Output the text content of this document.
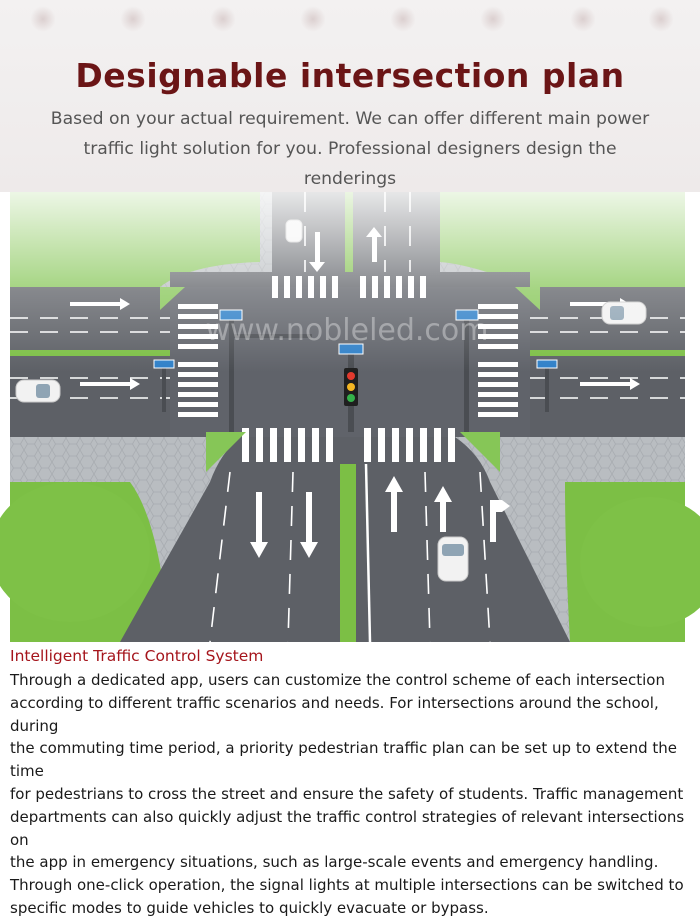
Designable intersection plan
Based on your actual requirement. We can offer different main power
traffic light solution for you. Professional designers design the renderings
www.nobleled.com
Intelligent Traffic Control System
Through a dedicated app, users can customize the control scheme of each intersection
according to different traffic scenarios and needs. For intersections around the school, during
the commuting time period, a priority pedestrian traffic plan can be set up to extend the time
for pedestrians to cross the street and ensure the safety of students. Traffic management
departments can also quickly adjust the traffic control strategies of relevant intersections on
the app in emergency situations, such as large-scale events and emergency handling.
Through one-click operation, the signal lights at multiple intersections can be switched to
specific modes to guide vehicles to quickly evacuate or bypass.
